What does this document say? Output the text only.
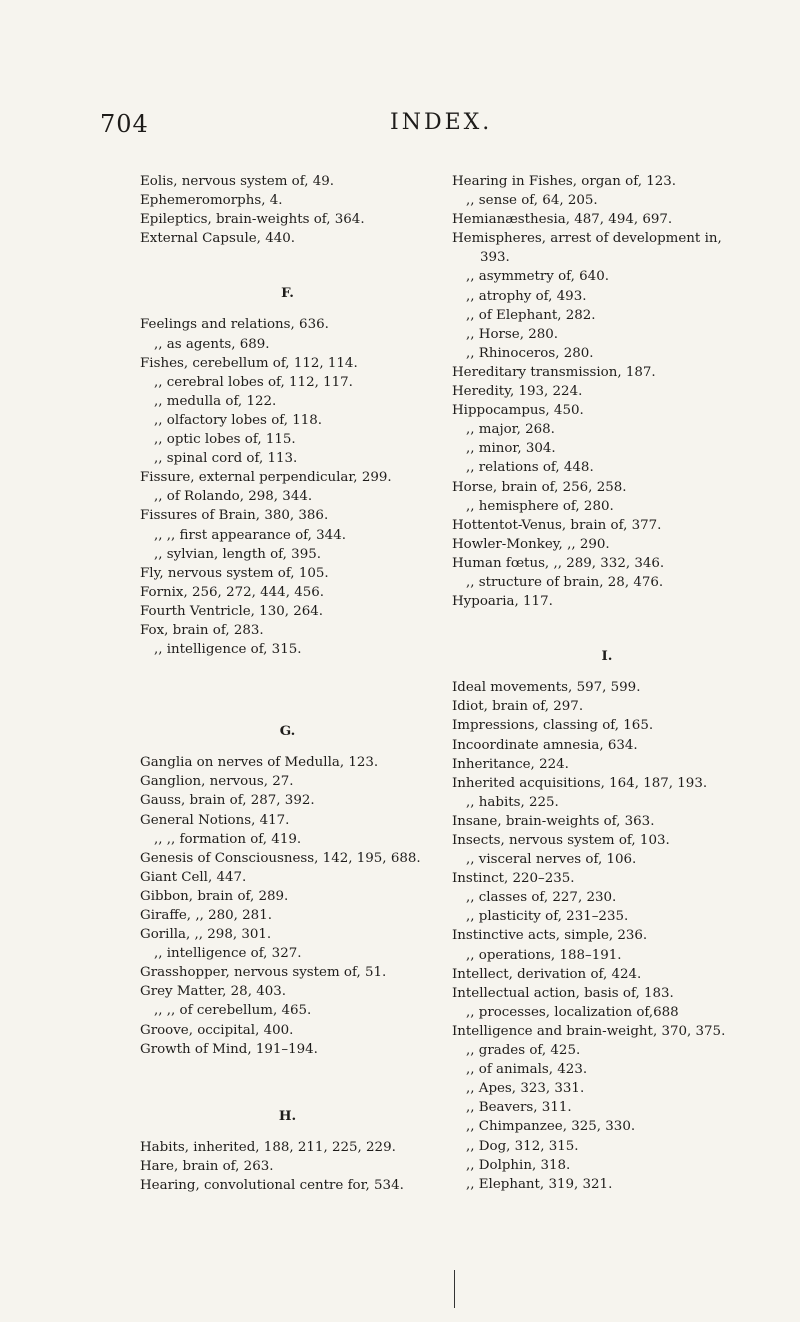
704	INDEX.
Eolis, nervous system of, 49.
Ephemeromorphs, 4.
Epileptics, brain-weights of, 364.
External Capsule, 440.
F.
Feelings and relations, 636.
,, as agents, 689.
Fishes, cerebellum of, 112, 114.
,, cerebral lobes of, 112, 117.
,, medulla of, 122.
,, olfactory lobes of, 118.
,, optic lobes of, 115.
,, spinal cord of, 113.
Fissure, external perpendicular, 299.
,, of Rolando, 298, 344.
Fissures of Brain, 380, 386.
,, ,, first appearance of, 344.
,, sylvian, length of, 395.
Fly, nervous system of, 105.
Fornix, 256, 272, 444, 456.
Fourth Ventricle, 130, 264.
Fox, brain of, 283.
,, intelligence of, 315.
G.
Ganglia on nerves of Medulla, 123.
Ganglion, nervous, 27.
Gauss, brain of, 287, 392.
General Notions, 417.
,, ,, formation of, 419.
Genesis of Consciousness, 142, 195, 688.
Giant Cell, 447.
Gibbon, brain of, 289.
Giraffe, ,, 280, 281.
Gorilla, ,, 298, 301.
,, intelligence of, 327.
Grasshopper, nervous system of, 51.
Grey Matter, 28, 403.
,, ,, of cerebellum, 465.
Groove, occipital, 400.
Growth of Mind, 191–194.
H.
Habits, inherited, 188, 211, 225, 229.
Hare, brain of, 263.
Hearing, convolutional centre for, 534.
Hearing in Fishes, organ of, 123.
,, sense of, 64, 205.
Hemianæsthesia, 487, 494, 697.
Hemispheres, arrest of development in,
393.
,, asymmetry of, 640.
,, atrophy of, 493.
,, of Elephant, 282.
,, Horse, 280.
,, Rhinoceros, 280.
Hereditary transmission, 187.
Heredity, 193, 224.
Hippocampus, 450.
,, major, 268.
,, minor, 304.
,, relations of, 448.
Horse, brain of, 256, 258.
,, hemisphere of, 280.
Hottentot-Venus, brain of, 377.
Howler-Monkey, ,, 290.
Human fœtus, ,, 289, 332, 346.
,, structure of brain, 28, 476.
Hypoaria, 117.
I.
Ideal movements, 597, 599.
Idiot, brain of, 297.
Impressions, classing of, 165.
Incoordinate amnesia, 634.
Inheritance, 224.
Inherited acquisitions, 164, 187, 193.
,, habits, 225.
Insane, brain-weights of, 363.
Insects, nervous system of, 103.
,, visceral nerves of, 106.
Instinct, 220–235.
,, classes of, 227, 230.
,, plasticity of, 231–235.
Instinctive acts, simple, 236.
,, operations, 188–191.
Intellect, derivation of, 424.
Intellectual action, basis of, 183.
,, processes, localization of,688
Intelligence and brain-weight, 370, 375.
,, grades of, 425.
,, of animals, 423.
,, Apes, 323, 331.
,, Beavers, 311.
,, Chimpanzee, 325, 330.
,, Dog, 312, 315.
,, Dolphin, 318.
,, Elephant, 319, 321.
